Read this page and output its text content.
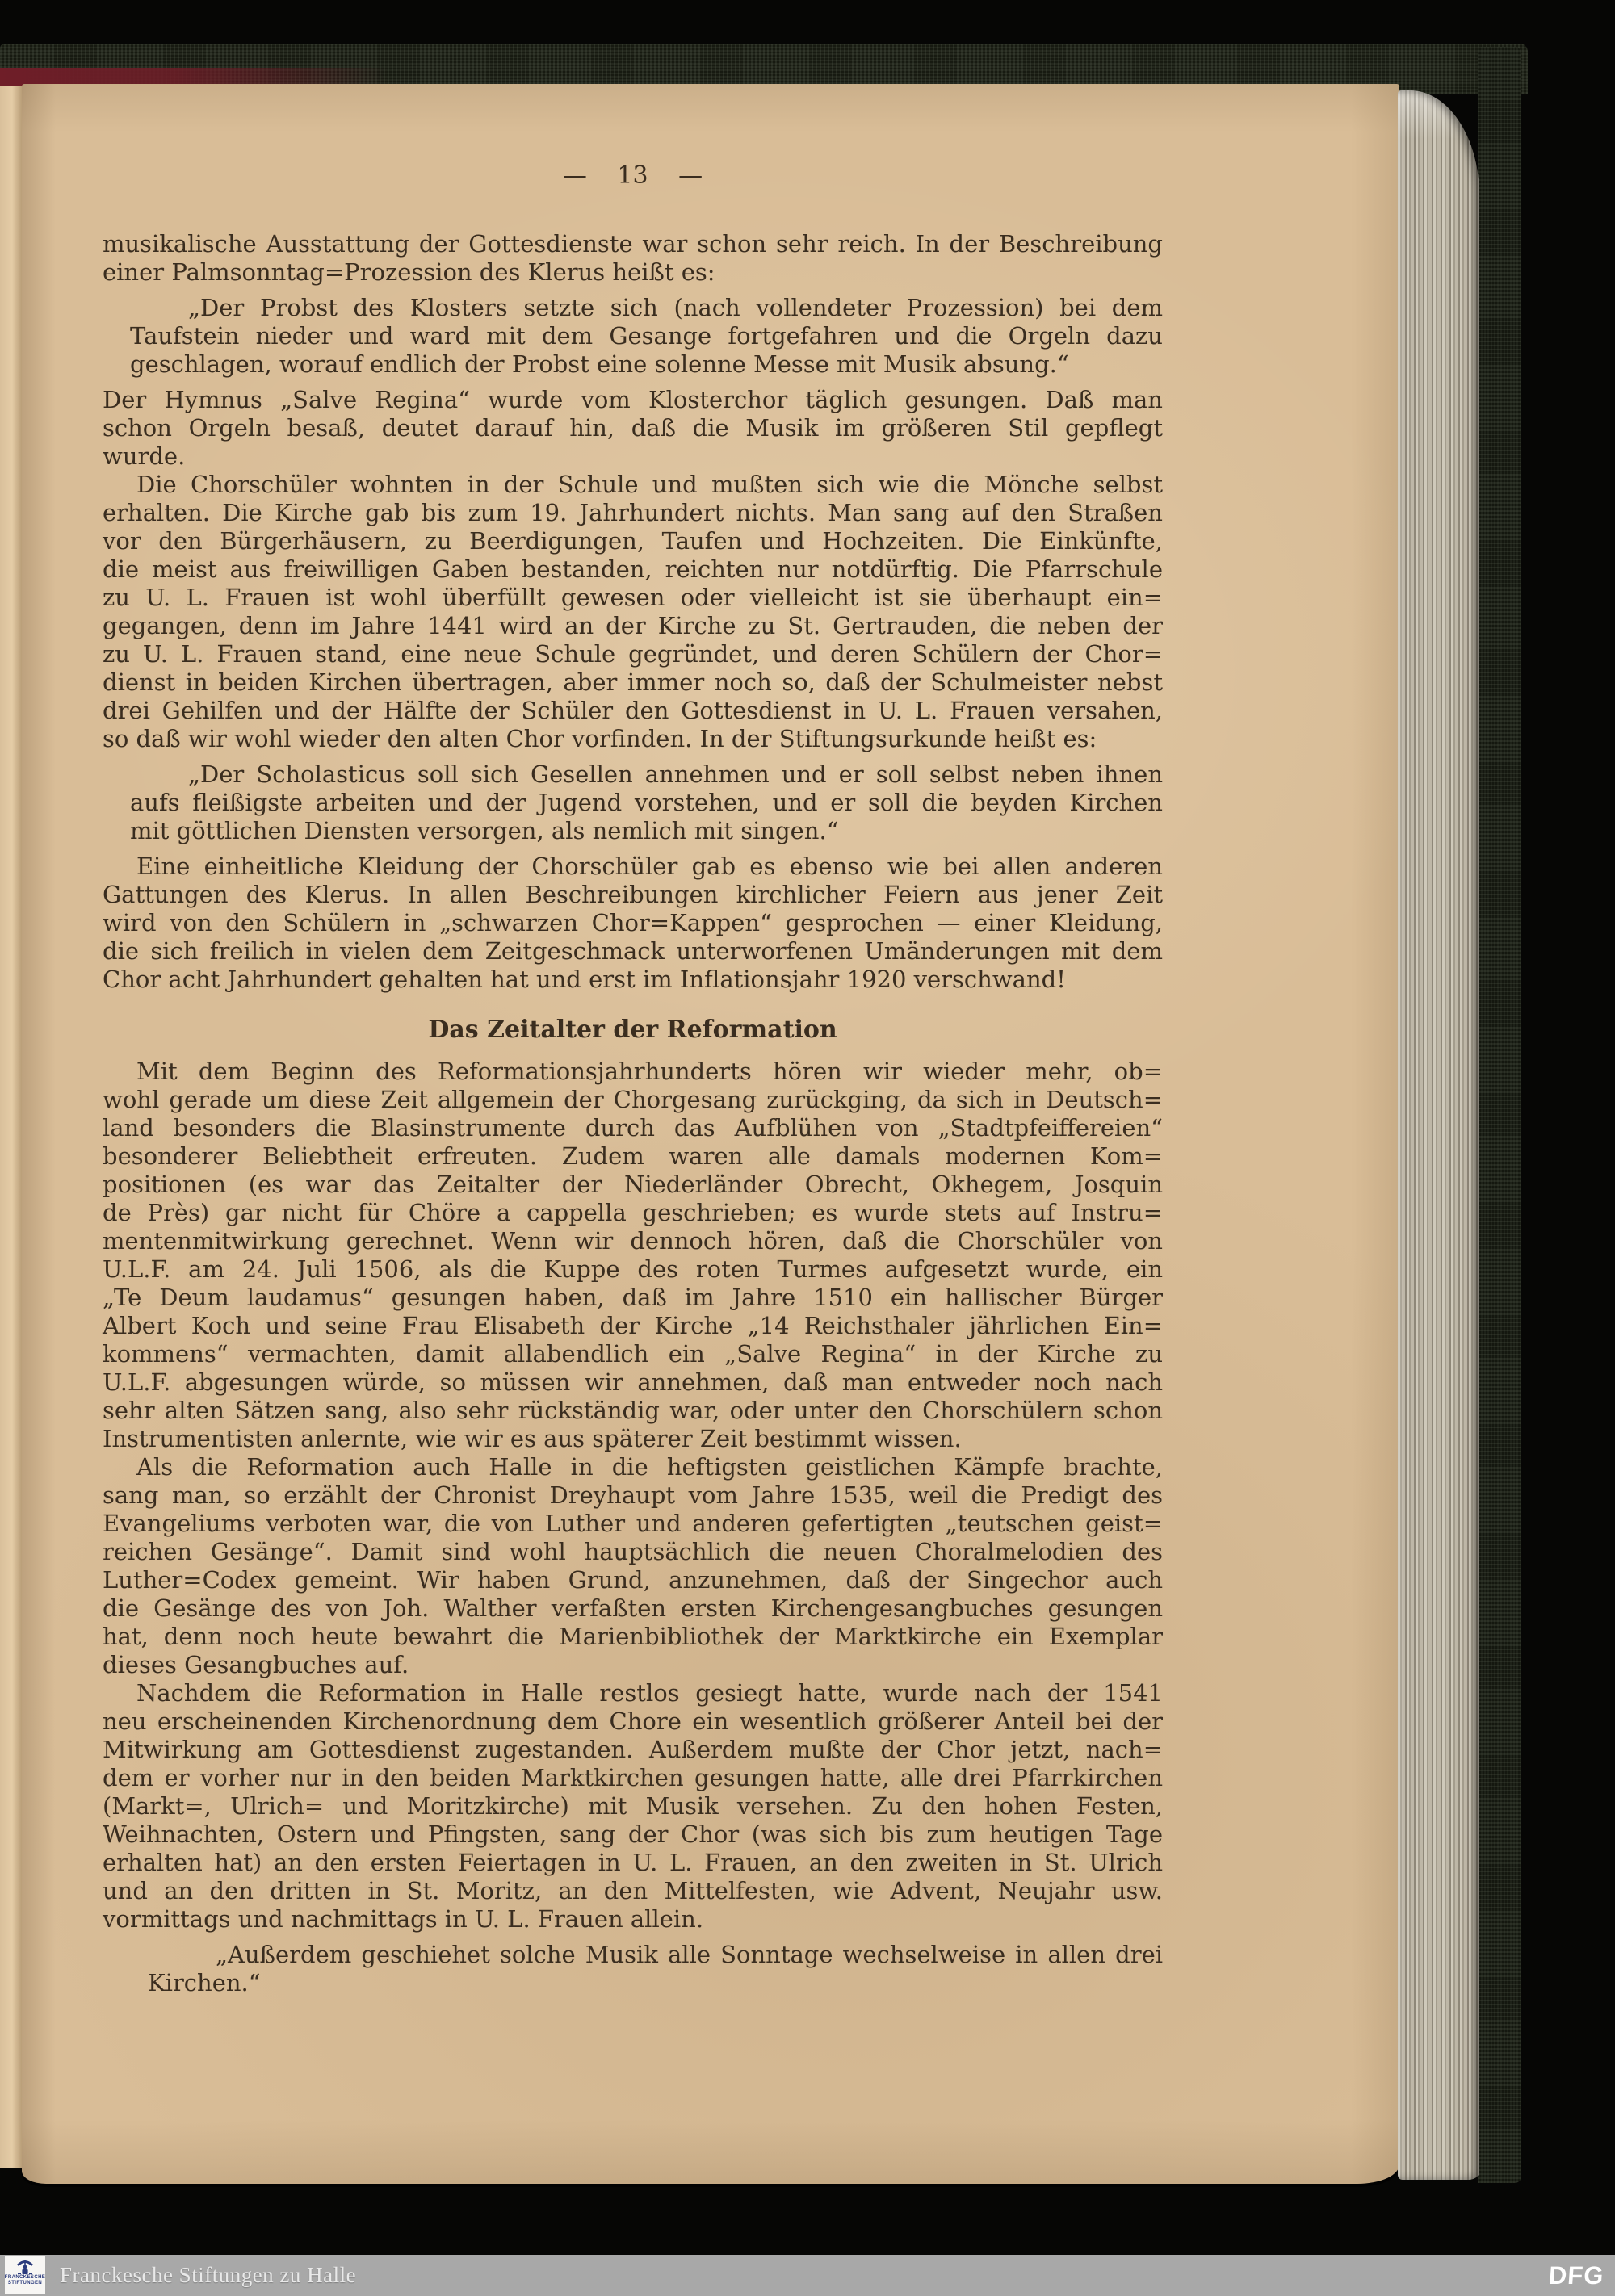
— 13 —
musikalische Ausstattung der Gottesdienste war schon sehr reich. In der Beschreibung
einer Palmsonntag=Prozession des Klerus heißt es:
„Der Probst des Klosters setzte sich (nach vollendeter Prozession) bei dem
Taufstein nieder und ward mit dem Gesange fortgefahren und die Orgeln dazu
geschlagen, worauf endlich der Probst eine solenne Messe mit Musik absung.“
Der Hymnus „Salve Regina“ wurde vom Klosterchor täglich gesungen. Daß man
schon Orgeln besaß, deutet darauf hin, daß die Musik im größeren Stil gepflegt
wurde.
Die Chorschüler wohnten in der Schule und mußten sich wie die Mönche selbst
erhalten. Die Kirche gab bis zum 19. Jahrhundert nichts. Man sang auf den Straßen
vor den Bürgerhäusern, zu Beerdigungen, Taufen und Hochzeiten. Die Einkünfte,
die meist aus freiwilligen Gaben bestanden, reichten nur notdürftig. Die Pfarrschule
zu U. L. Frauen ist wohl überfüllt gewesen oder vielleicht ist sie überhaupt ein=
gegangen, denn im Jahre 1441 wird an der Kirche zu St. Gertrauden, die neben der
zu U. L. Frauen stand, eine neue Schule gegründet, und deren Schülern der Chor=
dienst in beiden Kirchen übertragen, aber immer noch so, daß der Schulmeister nebst
drei Gehilfen und der Hälfte der Schüler den Gottesdienst in U. L. Frauen versahen,
so daß wir wohl wieder den alten Chor vorfinden. In der Stiftungsurkunde heißt es:
„Der Scholasticus soll sich Gesellen annehmen und er soll selbst neben ihnen
aufs fleißigste arbeiten und der Jugend vorstehen, und er soll die beyden Kirchen
mit göttlichen Diensten versorgen, als nemlich mit singen.“
Eine einheitliche Kleidung der Chorschüler gab es ebenso wie bei allen anderen
Gattungen des Klerus. In allen Beschreibungen kirchlicher Feiern aus jener Zeit
wird von den Schülern in „schwarzen Chor=Kappen“ gesprochen — einer Kleidung,
die sich freilich in vielen dem Zeitgeschmack unterworfenen Umänderungen mit dem
Chor acht Jahrhundert gehalten hat und erst im Inflationsjahr 1920 verschwand!
Das Zeitalter der Reformation
Mit dem Beginn des Reformationsjahrhunderts hören wir wieder mehr, ob=
wohl gerade um diese Zeit allgemein der Chorgesang zurückging, da sich in Deutsch=
land besonders die Blasinstrumente durch das Aufblühen von „Stadtpfeiffereien“
besonderer Beliebtheit erfreuten. Zudem waren alle damals modernen Kom=
positionen (es war das Zeitalter der Niederländer Obrecht, Okhegem, Josquin
de Près) gar nicht für Chöre a cappella geschrieben; es wurde stets auf Instru=
mentenmitwirkung gerechnet. Wenn wir dennoch hören, daß die Chorschüler von
U.L.F. am 24. Juli 1506, als die Kuppe des roten Turmes aufgesetzt wurde, ein
„Te Deum laudamus“ gesungen haben, daß im Jahre 1510 ein hallischer Bürger
Albert Koch und seine Frau Elisabeth der Kirche „14 Reichsthaler jährlichen Ein=
kommens“ vermachten, damit allabendlich ein „Salve Regina“ in der Kirche zu
U.L.F. abgesungen würde, so müssen wir annehmen, daß man entweder noch nach
sehr alten Sätzen sang, also sehr rückständig war, oder unter den Chorschülern schon
Instrumentisten anlernte, wie wir es aus späterer Zeit bestimmt wissen.
Als die Reformation auch Halle in die heftigsten geistlichen Kämpfe brachte,
sang man, so erzählt der Chronist Dreyhaupt vom Jahre 1535, weil die Predigt des
Evangeliums verboten war, die von Luther und anderen gefertigten „teutschen geist=
reichen Gesänge“. Damit sind wohl hauptsächlich die neuen Choralmelodien des
Luther=Codex gemeint. Wir haben Grund, anzunehmen, daß der Singechor auch
die Gesänge des von Joh. Walther verfaßten ersten Kirchengesangbuches gesungen
hat, denn noch heute bewahrt die Marienbibliothek der Marktkirche ein Exemplar
dieses Gesangbuches auf.
Nachdem die Reformation in Halle restlos gesiegt hatte, wurde nach der 1541
neu erscheinenden Kirchenordnung dem Chore ein wesentlich größerer Anteil bei der
Mitwirkung am Gottesdienst zugestanden. Außerdem mußte der Chor jetzt, nach=
dem er vorher nur in den beiden Marktkirchen gesungen hatte, alle drei Pfarrkirchen
(Markt=, Ulrich= und Moritzkirche) mit Musik versehen. Zu den hohen Festen,
Weihnachten, Ostern und Pfingsten, sang der Chor (was sich bis zum heutigen Tage
erhalten hat) an den ersten Feiertagen in U. L. Frauen, an den zweiten in St. Ulrich
und an den dritten in St. Moritz, an den Mittelfesten, wie Advent, Neujahr usw.
vormittags und nachmittags in U. L. Frauen allein.
„Außerdem geschiehet solche Musik alle Sonntage wechselweise in allen drei
Kirchen.“
FRANCKESCHE
STIFTUNGEN Franckesche Stiftungen zu Halle	DFG
